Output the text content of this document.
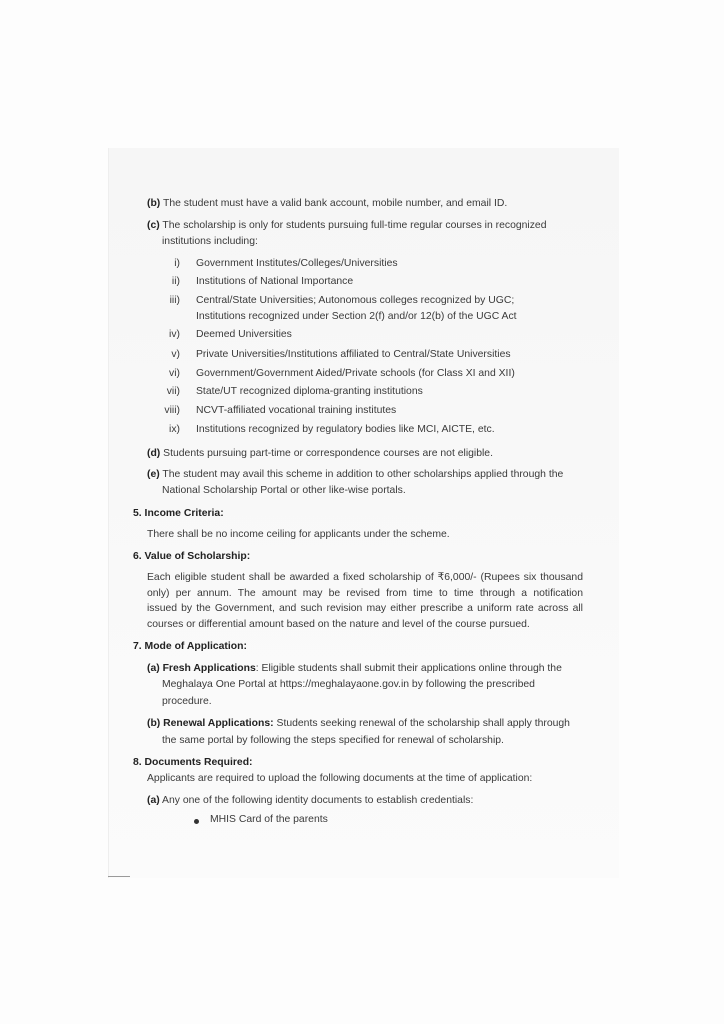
(b) The student must have a valid bank account, mobile number, and email ID.
(c) The scholarship is only for students pursuing full-time regular courses in recognized
institutions including:
i) Government Institutes/Colleges/Universities
ii) Institutions of National Importance
iii) Central/State Universities; Autonomous colleges recognized by UGC;
Institutions recognized under Section 2(f) and/or 12(b) of the UGC Act
iv) Deemed Universities
v) Private Universities/Institutions affiliated to Central/State Universities
vi) Government/Government Aided/Private schools (for Class XI and XII)
vii) State/UT recognized diploma-granting institutions
viii) NCVT-affiliated vocational training institutes
ix) Institutions recognized by regulatory bodies like MCI, AICTE, etc.
(d) Students pursuing part-time or correspondence courses are not eligible.
(e) The student may avail this scheme in addition to other scholarships applied through the
National Scholarship Portal or other like-wise portals.
5. Income Criteria:
There shall be no income ceiling for applicants under the scheme.
6. Value of Scholarship:
Each eligible student shall be awarded a fixed scholarship of ₹6,000/- (Rupees six thousand
only) per annum. The amount may be revised from time to time through a notification
issued by the Government, and such revision may either prescribe a uniform rate across all
courses or differential amount based on the nature and level of the course pursued.
7. Mode of Application:
(a) Fresh Applications: Eligible students shall submit their applications online through the
Meghalaya One Portal at https://meghalayaone.gov.in by following the prescribed
procedure.
(b) Renewal Applications: Students seeking renewal of the scholarship shall apply through
the same portal by following the steps specified for renewal of scholarship.
8. Documents Required:
Applicants are required to upload the following documents at the time of application:
(a) Any one of the following identity documents to establish credentials:
MHIS Card of the parents
